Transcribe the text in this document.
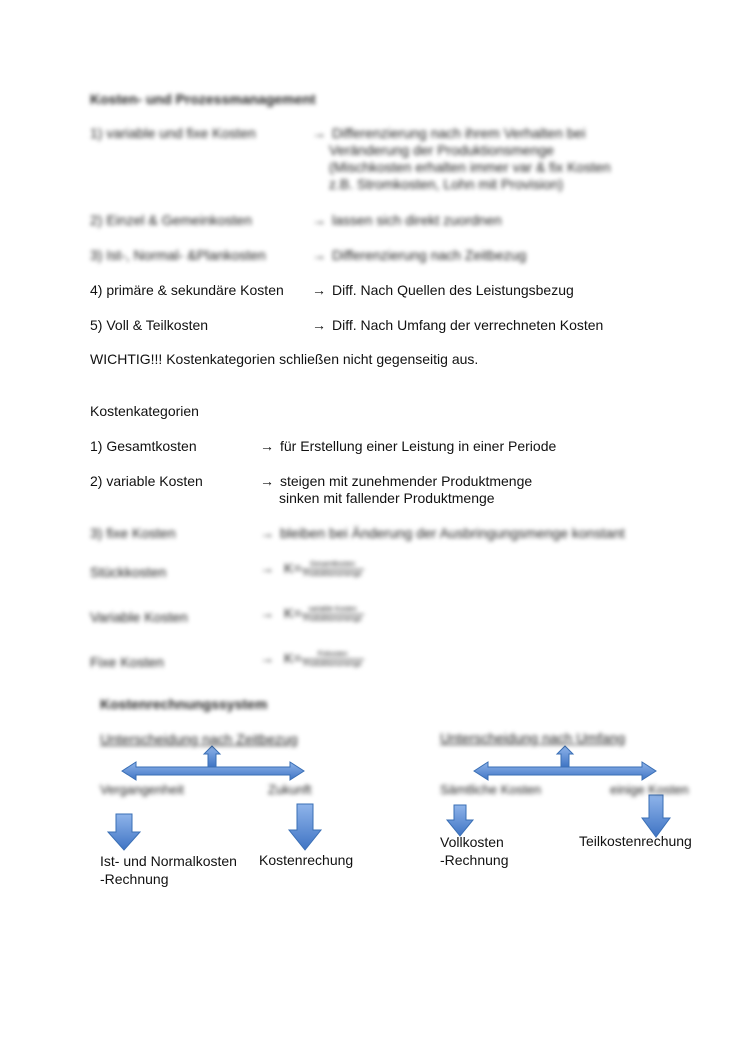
Kosten- und Prozessmanagement
1) variable und fixe Kosten	→ Differenzierung nach ihrem Verhalten bei
Veränderung der Produktionsmenge
(Mischkosten erhalten immer var & fix Kosten
z.B. Stromkosten, Lohn mit Provision)
2) Einzel & Gemeinkosten	→ lassen sich direkt zuordnen
3) Ist-, Normal- &Plankosten	→ Differenzierung nach Zeitbezug
4) primäre & sekundäre Kosten	→ Diff. Nach Quellen des Leistungsbezug
5) Voll & Teilkosten	→ Diff. Nach Umfang der verrechneten Kosten
WICHTIG!!! Kostenkategorien schließen nicht gegenseitig aus.
Kostenkategorien
1) Gesamtkosten	→ für Erstellung einer Leistung in einer Periode
2) variable Kosten	→ steigen mit zunehmender Produktmenge
sinken mit fallender Produktmenge
3) fixe Kosten	→ bleiben bei Änderung der Ausbringungsmenge konstant
Stückkosten	→ $K= \frac{\text{Gesamtkosten}}{\text{Produktionsmenge}}$
Variable Kosten	→ $K= \frac{\text{variable Kosten}}{\text{Produktionsmenge}}$
Fixe Kosten	→ $K= \frac{\text{Fixkosten}}{\text{Produktionsmenge}}$
Kostenrechnungssystem
Unterscheidung nach Zeitbezug
Vergangenheit	Zukunft
Ist- und Normalkosten
-Rechnung
Kostenrechung
Unterscheidung nach Umfang
Sämtliche Kosten	einige Kosten
Vollkosten
-Rechnung
Teilkostenrechung
